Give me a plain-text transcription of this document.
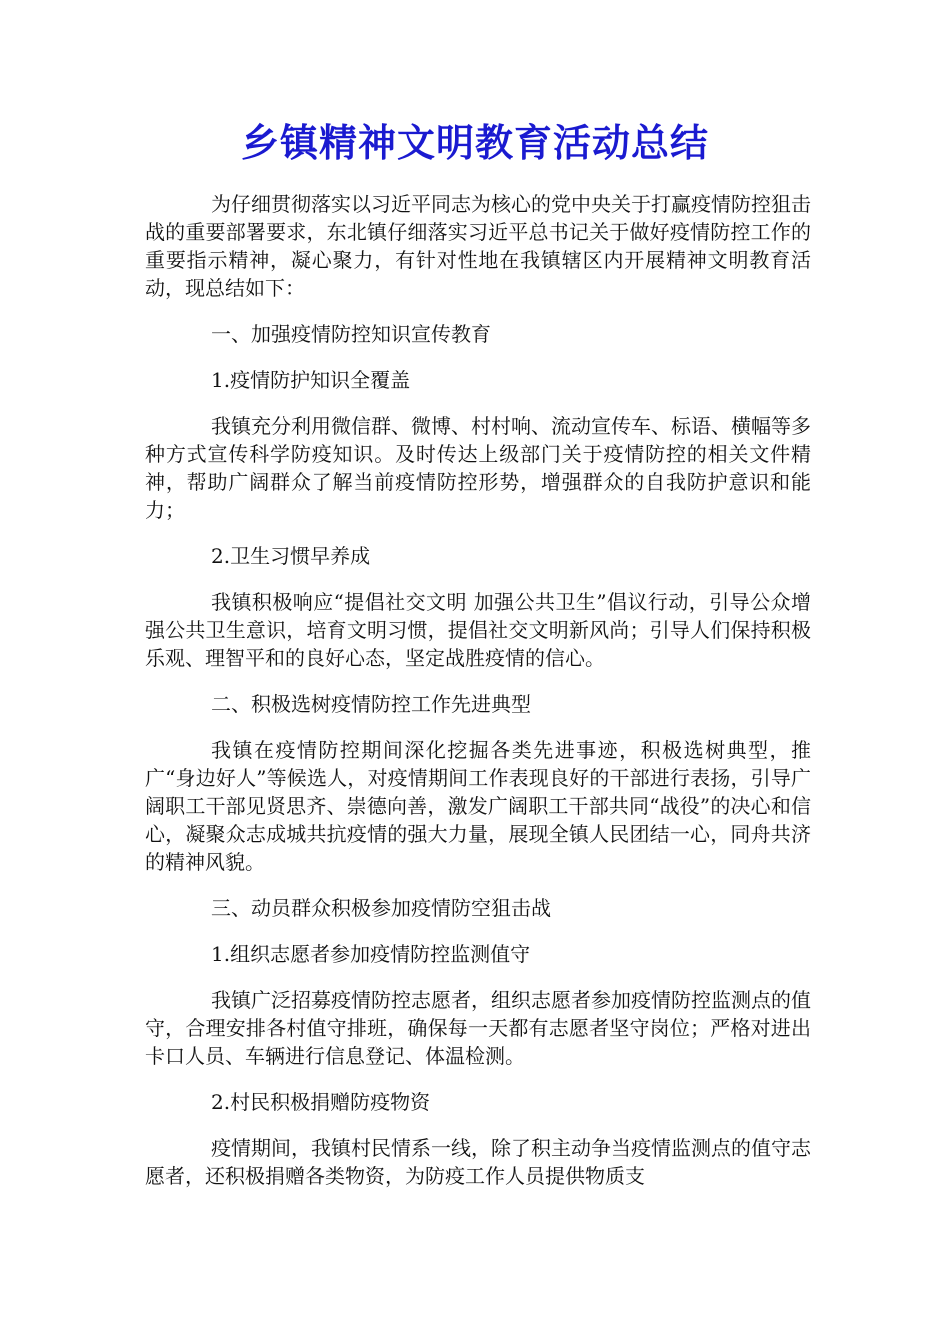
乡镇精神文明教育活动总结

为仔细贯彻落实以习近平同志为核心的党中央关于打赢疫情防控狙击战的重要部署要求，东北镇仔细落实习近平总书记关于做好疫情防控工作的重要指示精神，凝心聚力，有针对性地在我镇辖区内开展精神文明教育活动，现总结如下：

一、加强疫情防控知识宣传教育

1.疫情防护知识全覆盖

我镇充分利用微信群、微博、村村响、流动宣传车、标语、横幅等多种方式宣传科学防疫知识。及时传达上级部门关于疫情防控的相关文件精神，帮助广阔群众了解当前疫情防控形势，增强群众的自我防护意识和能力；

2.卫生习惯早养成

我镇积极响应“提倡社交文明 加强公共卫生”倡议行动，引导公众增强公共卫生意识，培育文明习惯，提倡社交文明新风尚；引导人们保持积极乐观、理智平和的良好心态，坚定战胜疫情的信心。

二、积极选树疫情防控工作先进典型

我镇在疫情防控期间深化挖掘各类先进事迹，积极选树典型，推广“身边好人”等候选人，对疫情期间工作表现良好的干部进行表扬，引导广阔职工干部见贤思齐、崇德向善，激发广阔职工干部共同“战役”的决心和信心，凝聚众志成城共抗疫情的强大力量，展现全镇人民团结一心，同舟共济的精神风貌。

三、动员群众积极参加疫情防空狙击战

1.组织志愿者参加疫情防控监测值守

我镇广泛招募疫情防控志愿者，组织志愿者参加疫情防控监测点的值守，合理安排各村值守排班，确保每一天都有志愿者坚守岗位；严格对进出卡口人员、车辆进行信息登记、体温检测。

2.村民积极捐赠防疫物资

疫情期间，我镇村民情系一线，除了积主动争当疫情监测点的值守志愿者，还积极捐赠各类物资，为防疫工作人员提供物质支
